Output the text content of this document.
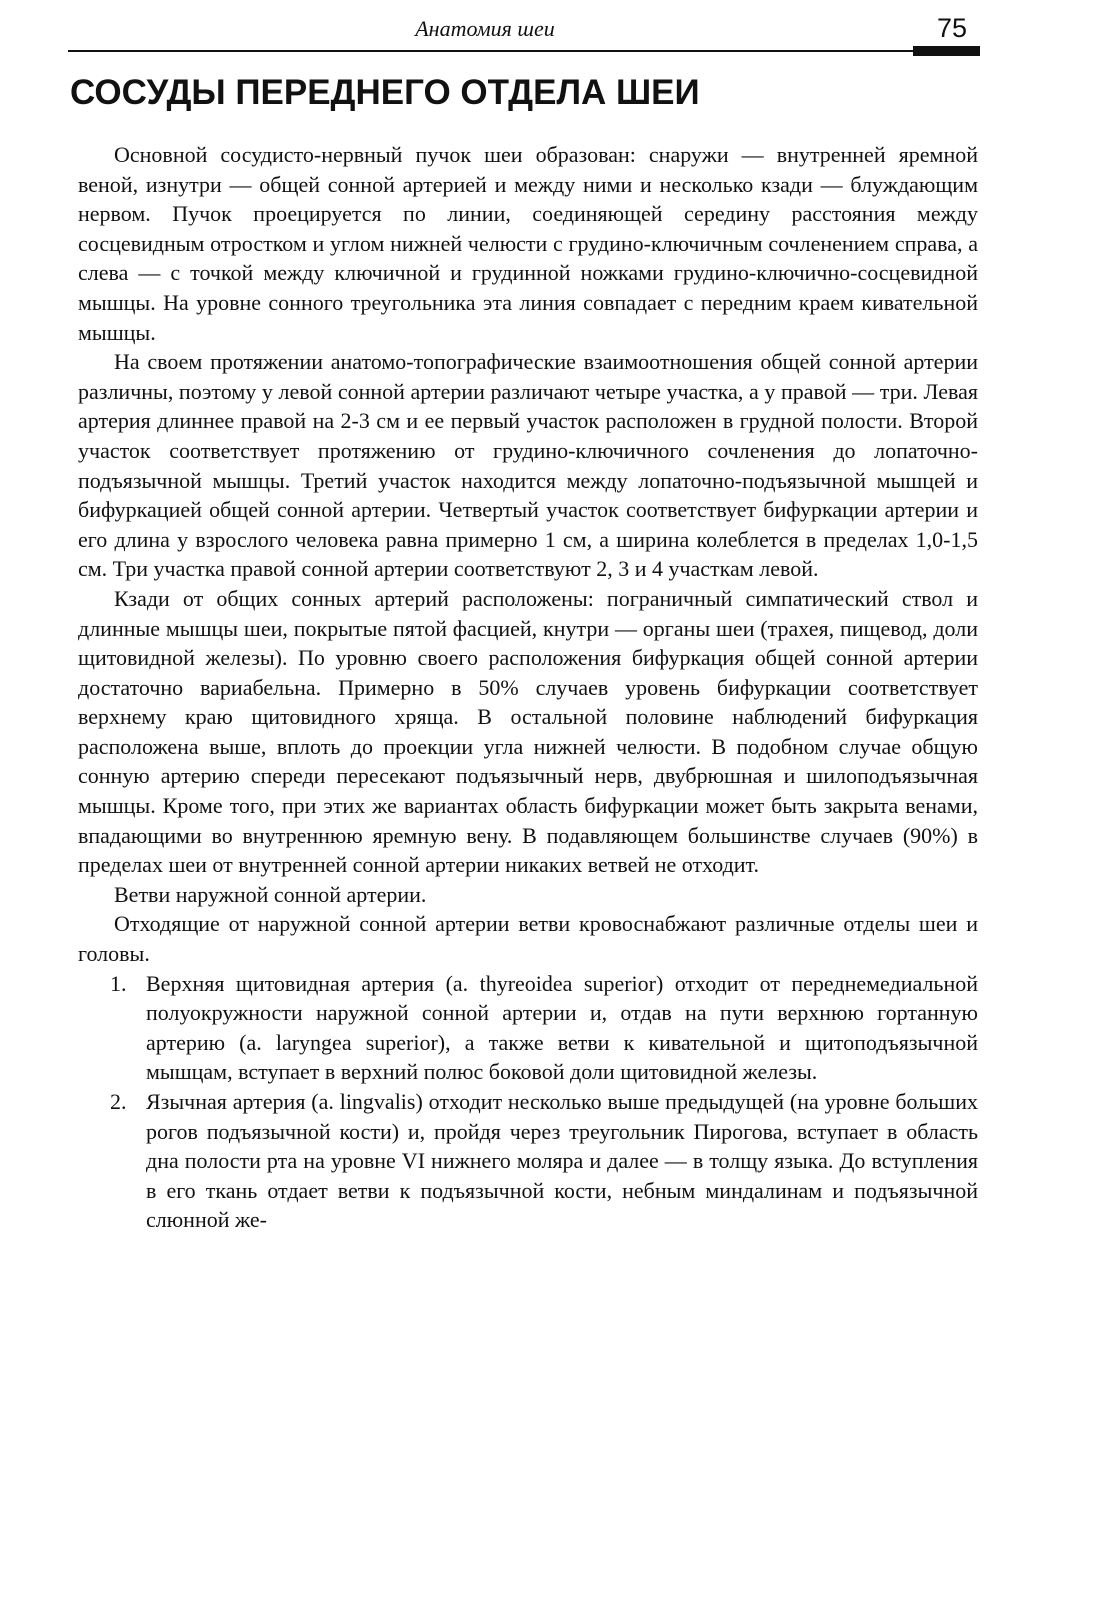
Анатомия шеи	75
СОСУДЫ ПЕРЕДНЕГО ОТДЕЛА ШЕИ

Основной сосудисто-нервный пучок шеи образован: снаружи — внутренней яремной веной, изнутри — общей сонной артерией и между ними и несколько кзади — блуждающим нервом. Пучок проецируется по линии, соединяющей середину расстояния между сосцевидным отростком и углом нижней челюсти с грудино-ключичным сочленением справа, а слева — с точкой между ключичной и грудинной ножками грудино-ключично-сосцевидной мышцы. На уровне сонного треугольника эта линия совпадает с передним краем кивательной мышцы.

На своем протяжении анатомо-топографические взаимоотношения общей сонной артерии различны, поэтому у левой сонной артерии различают четыре участка, а у правой — три. Левая артерия длиннее правой на 2-3 см и ее первый участок расположен в грудной полости. Второй участок соответствует протяжению от грудино-ключичного сочленения до лопаточно-подъязычной мышцы. Третий участок находится между лопаточно-подъязычной мышцей и бифуркацией общей сонной артерии. Четвертый участок соответствует бифуркации артерии и его длина у взрослого человека равна примерно 1 см, а ширина колеблется в пределах 1,0-1,5 см. Три участка правой сонной артерии соответствуют 2, 3 и 4 участкам левой.

Кзади от общих сонных артерий расположены: пограничный симпатический ствол и длинные мышцы шеи, покрытые пятой фасцией, кнутри — органы шеи (трахея, пищевод, доли щитовидной железы). По уровню своего расположения бифуркация общей сонной артерии достаточно вариабельна. Примерно в 50% случаев уровень бифуркации соответствует верхнему краю щитовидного хряща. В остальной половине наблюдений бифуркация расположена выше, вплоть до проекции угла нижней челюсти. В подобном случае общую сонную артерию спереди пересекают подъязычный нерв, двубрюшная и шилоподъязычная мышцы. Кроме того, при этих же вариантах область бифуркации может быть закрыта венами, впадающими во внутреннюю яремную вену. В подавляющем большинстве случаев (90%) в пределах шеи от внутренней сонной артерии никаких ветвей не отходит.

Ветви наружной сонной артерии.

Отходящие от наружной сонной артерии ветви кровоснабжают различные отделы шеи и головы.

1. Верхняя щитовидная артерия (a. thyreoidea superior) отходит от переднемедиальной полуокружности наружной сонной артерии и, отдав на пути верхнюю гортанную артерию (a. laryngea superior), а также ветви к кивательной и щитоподъязычной мышцам, вступает в верхний полюс боковой доли щитовидной железы.
2. Язычная артерия (a. lingvalis) отходит несколько выше предыдущей (на уровне больших рогов подъязычной кости) и, пройдя через треугольник Пирогова, вступает в область дна полости рта на уровне VI нижнего моляра и далее — в толщу языка. До вступления в его ткань отдает ветви к подъязычной кости, небным миндалинам и подъязычной слюнной же-
